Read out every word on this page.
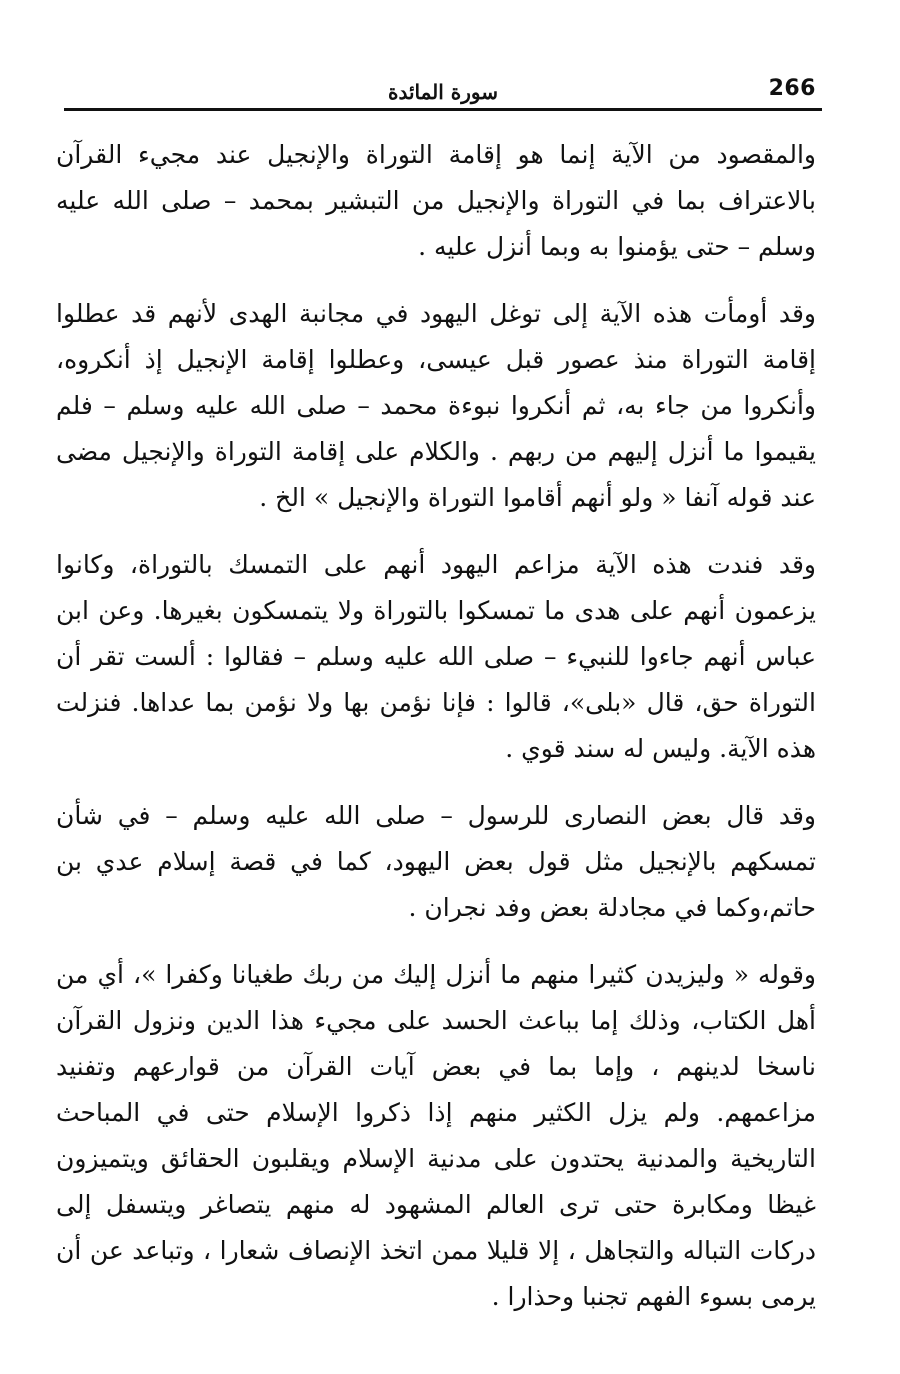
266
سورة المائدة

والمقصود من الآية إنما هو إقامة التوراة والإنجيل عند مجيء القرآن بالاعتراف بما في التوراة والإنجيل من التبشير بمحمد – صلى الله عليه وسلم – حتى يؤمنوا به وبما أنزل عليه .

وقد أومأت هذه الآية إلى توغل اليهود في مجانبة الهدى لأنهم قد عطلوا إقامة التوراة منذ عصور قبل عيسى، وعطلوا إقامة الإنجيل إذ أنكروه، وأنكروا من جاء به، ثم أنكروا نبوءة محمد – صلى الله عليه وسلم – فلم يقيموا ما أنزل إليهم من ربهم . والكلام على إقامة التوراة والإنجيل مضى عند قوله آنفا « ولو أنهم أقاموا التوراة والإنجيل » الخ .

وقد فندت هذه الآية مزاعم اليهود أنهم على التمسك بالتوراة، وكانوا يزعمون أنهم على هدى ما تمسكوا بالتوراة ولا يتمسكون بغيرها. وعن ابن عباس أنهم جاءوا للنبيء – صلى الله عليه وسلم – فقالوا : ألست تقر أن التوراة حق، قال «بلى»، قالوا : فإنا نؤمن بها ولا نؤمن بما عداها. فنزلت هذه الآية. وليس له سند قوي .

وقد قال بعض النصارى للرسول – صلى الله عليه وسلم – في شأن تمسكهم بالإنجيل مثل قول بعض اليهود، كما في قصة إسلام عدي بن حاتم،وكما في مجادلة بعض وفد نجران .

وقوله « وليزيدن كثيرا منهم ما أنزل إليك من ربك طغيانا وكفرا »، أي من أهل الكتاب، وذلك إما بباعث الحسد على مجيء هذا الدين ونزول القرآن ناسخا لدينهم ، وإما بما في بعض آيات القرآن من قوارعهم وتفنيد مزاعمهم. ولم يزل الكثير منهم إذا ذكروا الإسلام حتى في المباحث التاريخية والمدنية يحتدون على مدنية الإسلام ويقلبون الحقائق ويتميزون غيظا ومكابرة حتى ترى العالم المشهود له منهم يتصاغر ويتسفل إلى دركات التباله والتجاهل ، إلا قليلا ممن اتخذ الإنصاف شعارا ، وتباعد عن أن يرمى بسوء الفهم تجنبا وحذارا .
